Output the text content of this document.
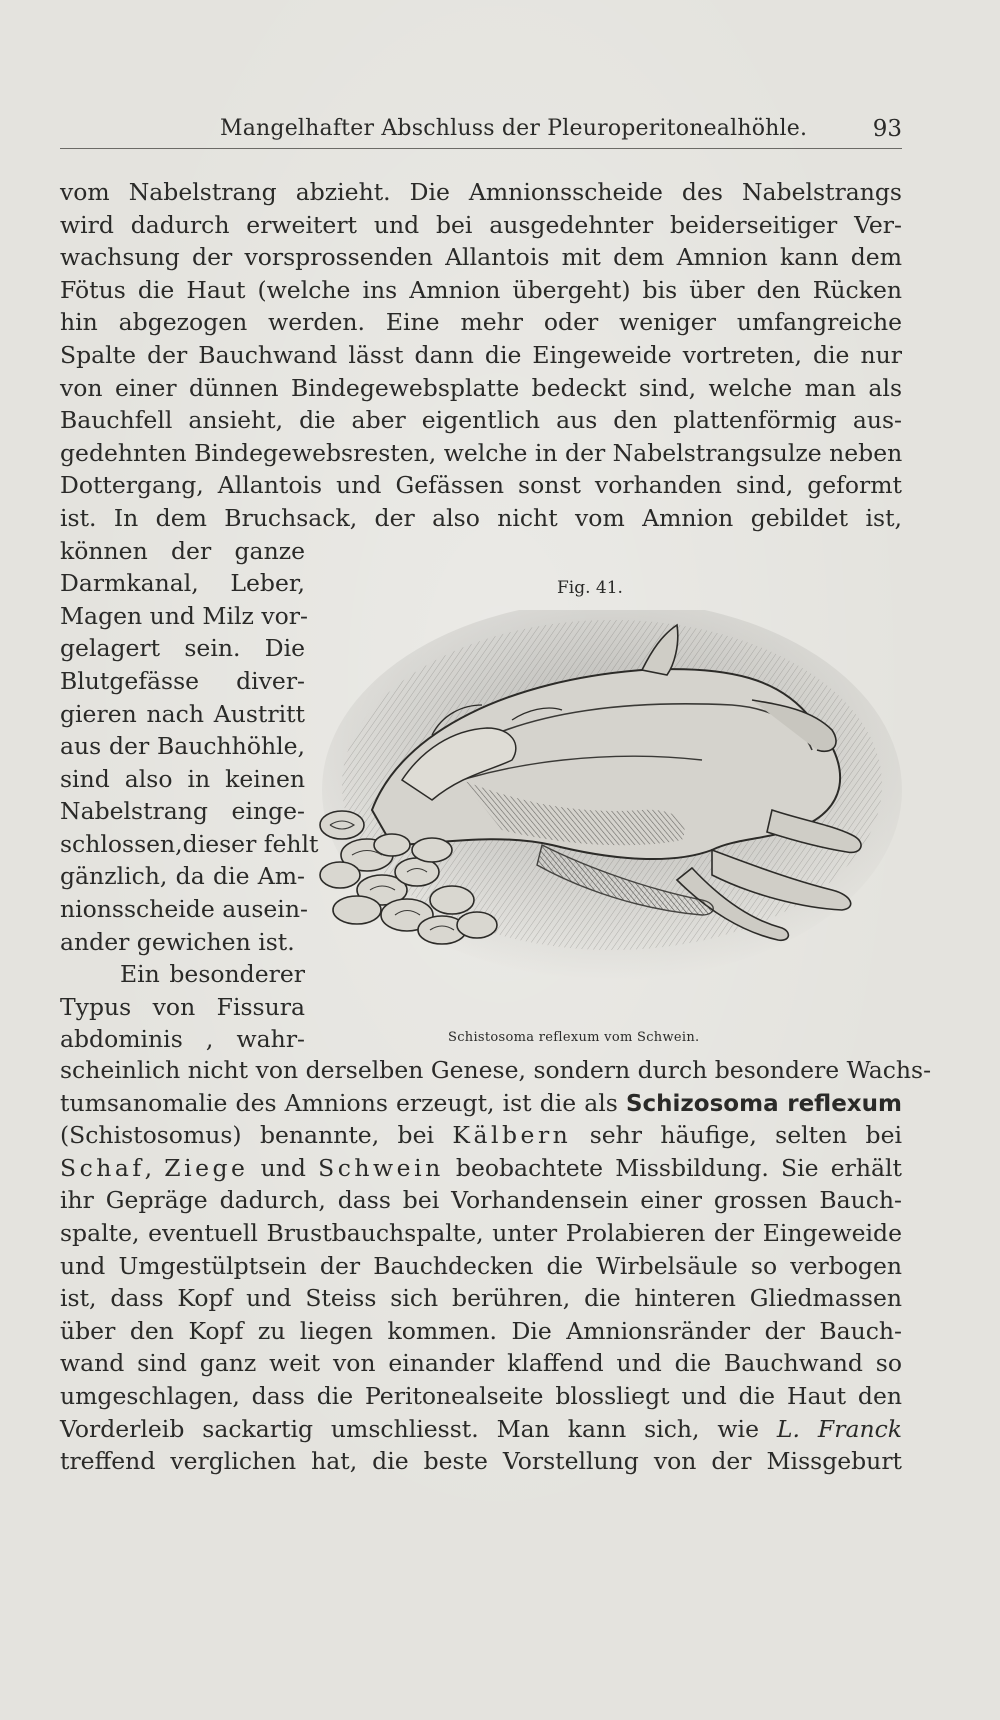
Mangelhafter Abschluss der Pleuroperitonealhöhle.	93
vom Nabelstrang abzieht. Die Amnionsscheide des Nabelstrangs
wird dadurch erweitert und bei ausgedehnter beiderseitiger Ver-
wachsung der vorsprossenden Allantois mit dem Amnion kann dem
Fötus die Haut (welche ins Amnion übergeht) bis über den Rücken
hin abgezogen werden. Eine mehr oder weniger umfangreiche
Spalte der Bauchwand lässt dann die Eingeweide vortreten, die nur
von einer dünnen Bindegewebsplatte bedeckt sind, welche man als
Bauchfell ansieht, die aber eigentlich aus den plattenförmig aus-
gedehnten Bindegewebsresten, welche in der Nabelstrangsulze neben
Dottergang, Allantois und Gefässen sonst vorhanden sind, geformt
ist. In dem Bruchsack, der also nicht vom Amnion gebildet ist,
können der ganze
Darmkanal, Leber,
Magen und Milz vor-
gelagert sein. Die
Blutgefässe diver-
gieren nach Austritt
aus der Bauchhöhle,
sind also in keinen
Nabelstrang einge-
schlossen,dieser fehlt
gänzlich, da die Am-
nionsscheide ausein-
ander gewichen ist.
Ein besonderer
Typus von Fissura
abdominis , wahr-
scheinlich nicht von derselben Genese, sondern durch besondere Wachs-
tumsanomalie des Amnions erzeugt, ist die als Schizosoma reflexum
(Schistosomus) benannte, bei Kälbern sehr häufige, selten bei
Schaf, Ziege und Schwein beobachtete Missbildung. Sie erhält
ihr Gepräge dadurch, dass bei Vorhandensein einer grossen Bauch-
spalte, eventuell Brustbauchspalte, unter Prolabieren der Eingeweide
und Umgestülptsein der Bauchdecken die Wirbelsäule so verbogen
ist, dass Kopf und Steiss sich berühren, die hinteren Gliedmassen
über den Kopf zu liegen kommen. Die Amnionsränder der Bauch-
wand sind ganz weit von einander klaffend und die Bauchwand so
umgeschlagen, dass die Peritonealseite blossliegt und die Haut den
Vorderleib sackartig umschliesst. Man kann sich, wie L. Franck
treffend verglichen hat, die beste Vorstellung von der Missgeburt
Fig. 41.
Schistosoma reflexum vom Schwein.
